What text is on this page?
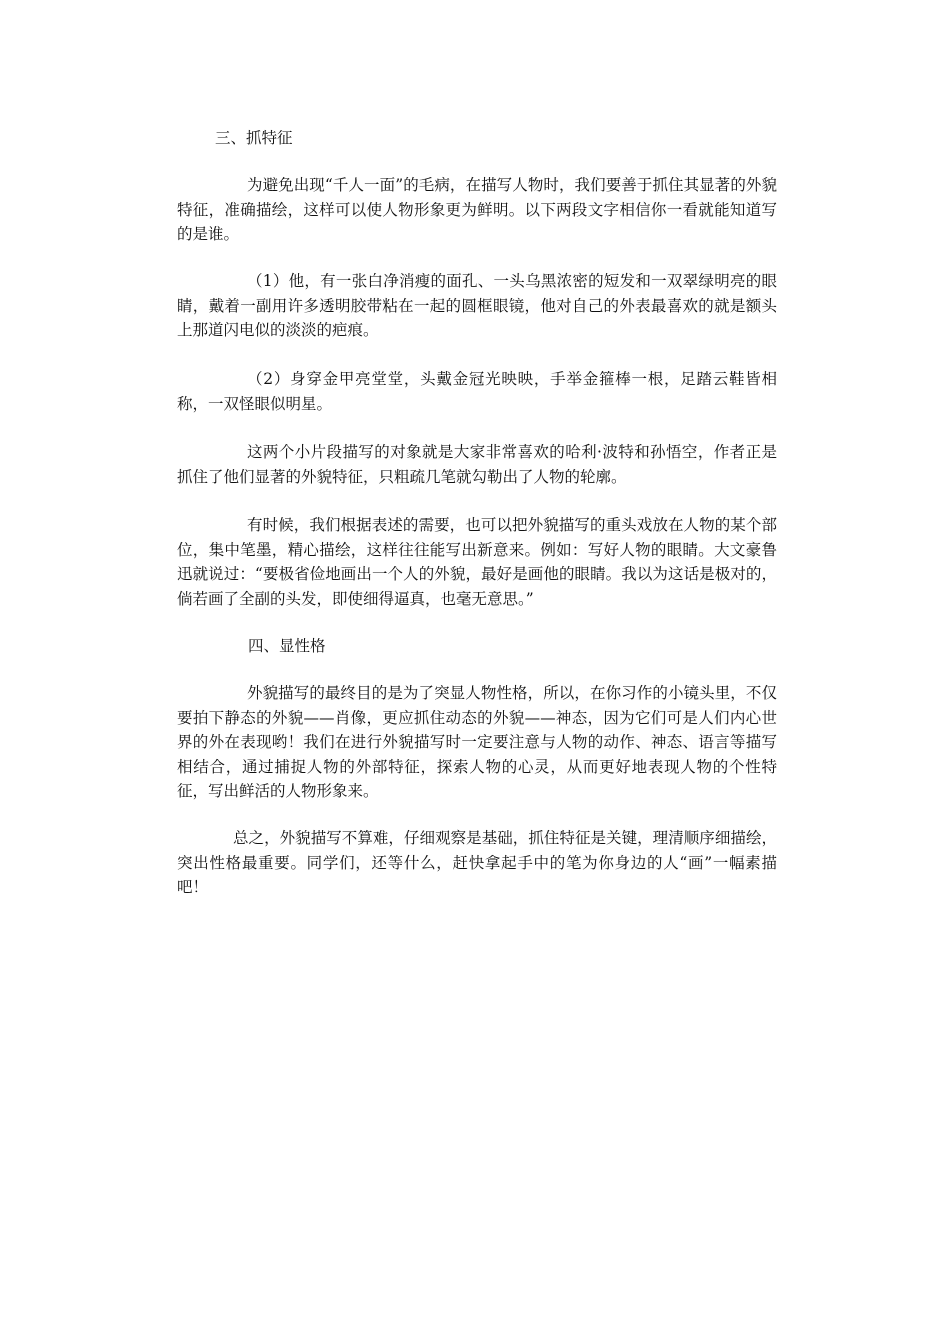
三、抓特征

为避免出现“千人一面”的毛病，在描写人物时，我们要善于抓住其显著的外貌特征，准确描绘，这样可以使人物形象更为鲜明。以下两段文字相信你一看就能知道写的是谁。

（1）他，有一张白净消瘦的面孔、一头乌黑浓密的短发和一双翠绿明亮的眼睛，戴着一副用许多透明胶带粘在一起的圆框眼镜，他对自己的外表最喜欢的就是额头上那道闪电似的淡淡的疤痕。

（2）身穿金甲亮堂堂，头戴金冠光映映，手举金箍棒一根，足踏云鞋皆相称，一双怪眼似明星。

这两个小片段描写的对象就是大家非常喜欢的哈利·波特和孙悟空，作者正是抓住了他们显著的外貌特征，只粗疏几笔就勾勒出了人物的轮廓。

有时候，我们根据表述的需要，也可以把外貌描写的重头戏放在人物的某个部位，集中笔墨，精心描绘，这样往往能写出新意来。例如：写好人物的眼睛。大文豪鲁迅就说过：“要极省俭地画出一个人的外貌，最好是画他的眼睛。我以为这话是极对的，倘若画了全副的头发，即使细得逼真，也毫无意思。”

四、显性格

外貌描写的最终目的是为了突显人物性格，所以，在你习作的小镜头里，不仅要拍下静态的外貌——肖像，更应抓住动态的外貌——神态，因为它们可是人们内心世界的外在表现哟！我们在进行外貌描写时一定要注意与人物的动作、神态、语言等描写相结合，通过捕捉人物的外部特征，探索人物的心灵，从而更好地表现人物的个性特征，写出鲜活的人物形象来。

总之，外貌描写不算难，仔细观察是基础，抓住特征是关键，理清顺序细描绘，突出性格最重要。同学们，还等什么，赶快拿起手中的笔为你身边的人“画”一幅素描吧！
